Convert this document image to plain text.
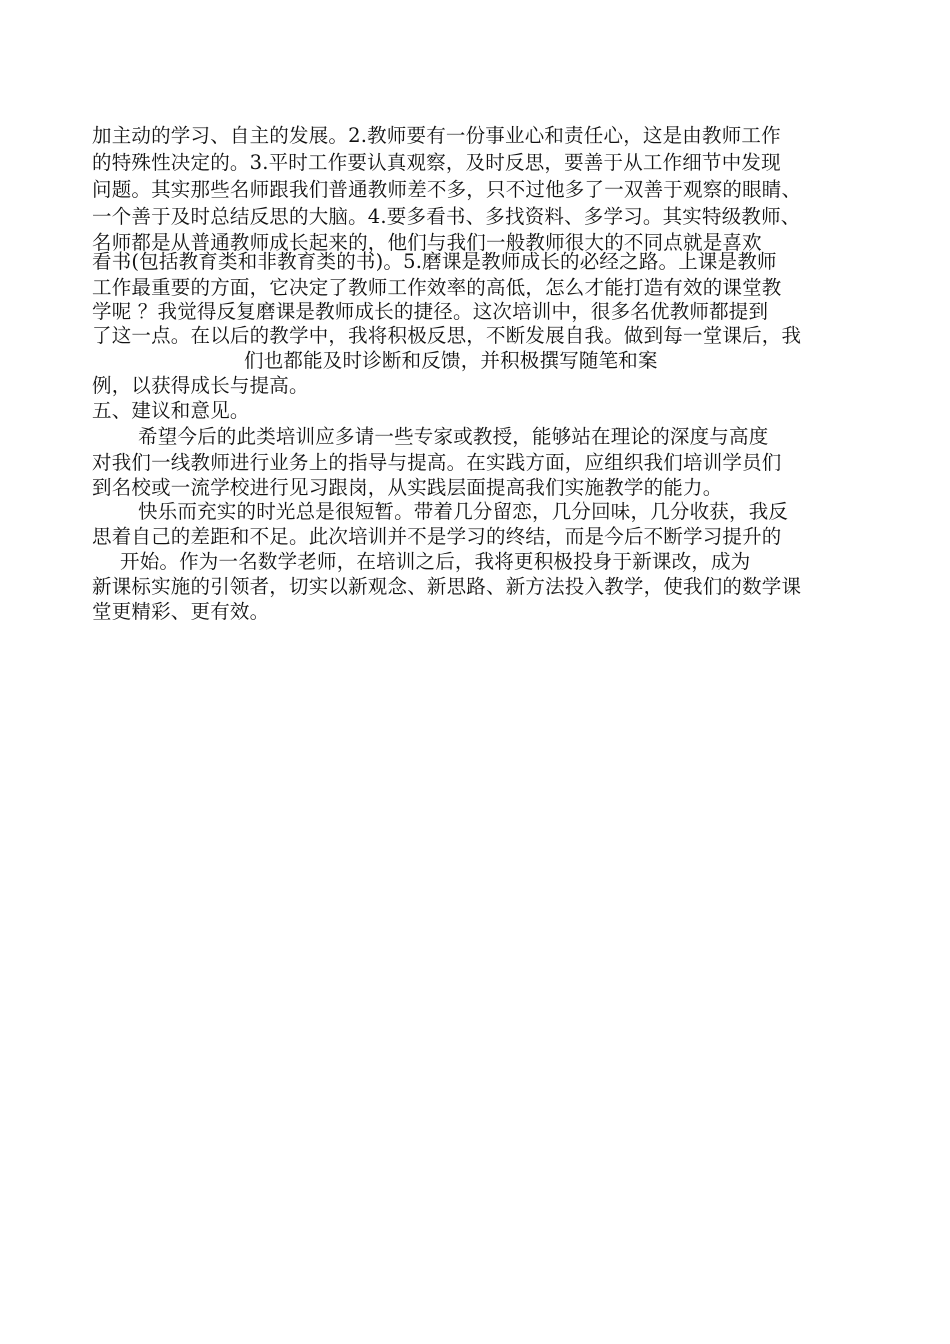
加主动的学习、自主的发展。2.教师要有一份事业心和责任心，这是由教师工作
的特殊性决定的。3.平时工作要认真观察，及时反思，要善于从工作细节中发现
问题。其实那些名师跟我们普通教师差不多，只不过他多了一双善于观察的眼睛、
一个善于及时总结反思的大脑。4.要多看书、多找资料、多学习。其实特级教师、
名师都是从普通教师成长起来的，他们与我们一般教师很大的不同点就是喜欢
看书(包括教育类和非教育类的书)。5.磨课是教师成长的必经之路。上课是教师
工作最重要的方面，它决定了教师工作效率的高低，怎么才能打造有效的课堂教
学呢 ？我觉得反复磨课是教师成长的捷径。这次培训中，很多名优教师都提到
了这一点。在以后的教学中，我将积极反思，不断发展自我。做到每一堂课后，我
们也都能及时诊断和反馈，并积极撰写随笔和案
例，以获得成长与提高。
五、建议和意见。
希望今后的此类培训应多请一些专家或教授，能够站在理论的深度与高度
对我们一线教师进行业务上的指导与提高。在实践方面，应组织我们培训学员们
到名校或一流学校进行见习跟岗，从实践层面提高我们实施教学的能力。
快乐而充实的时光总是很短暂。带着几分留恋，几分回味，几分收获，我反
思着自己的差距和不足。此次培训并不是学习的终结，而是今后不断学习提升的
开始。作为一名数学老师，在培训之后，我将更积极投身于新课改，成为
新课标实施的引领者，切实以新观念、新思路、新方法投入教学，使我们的数学课
堂更精彩、更有效。
